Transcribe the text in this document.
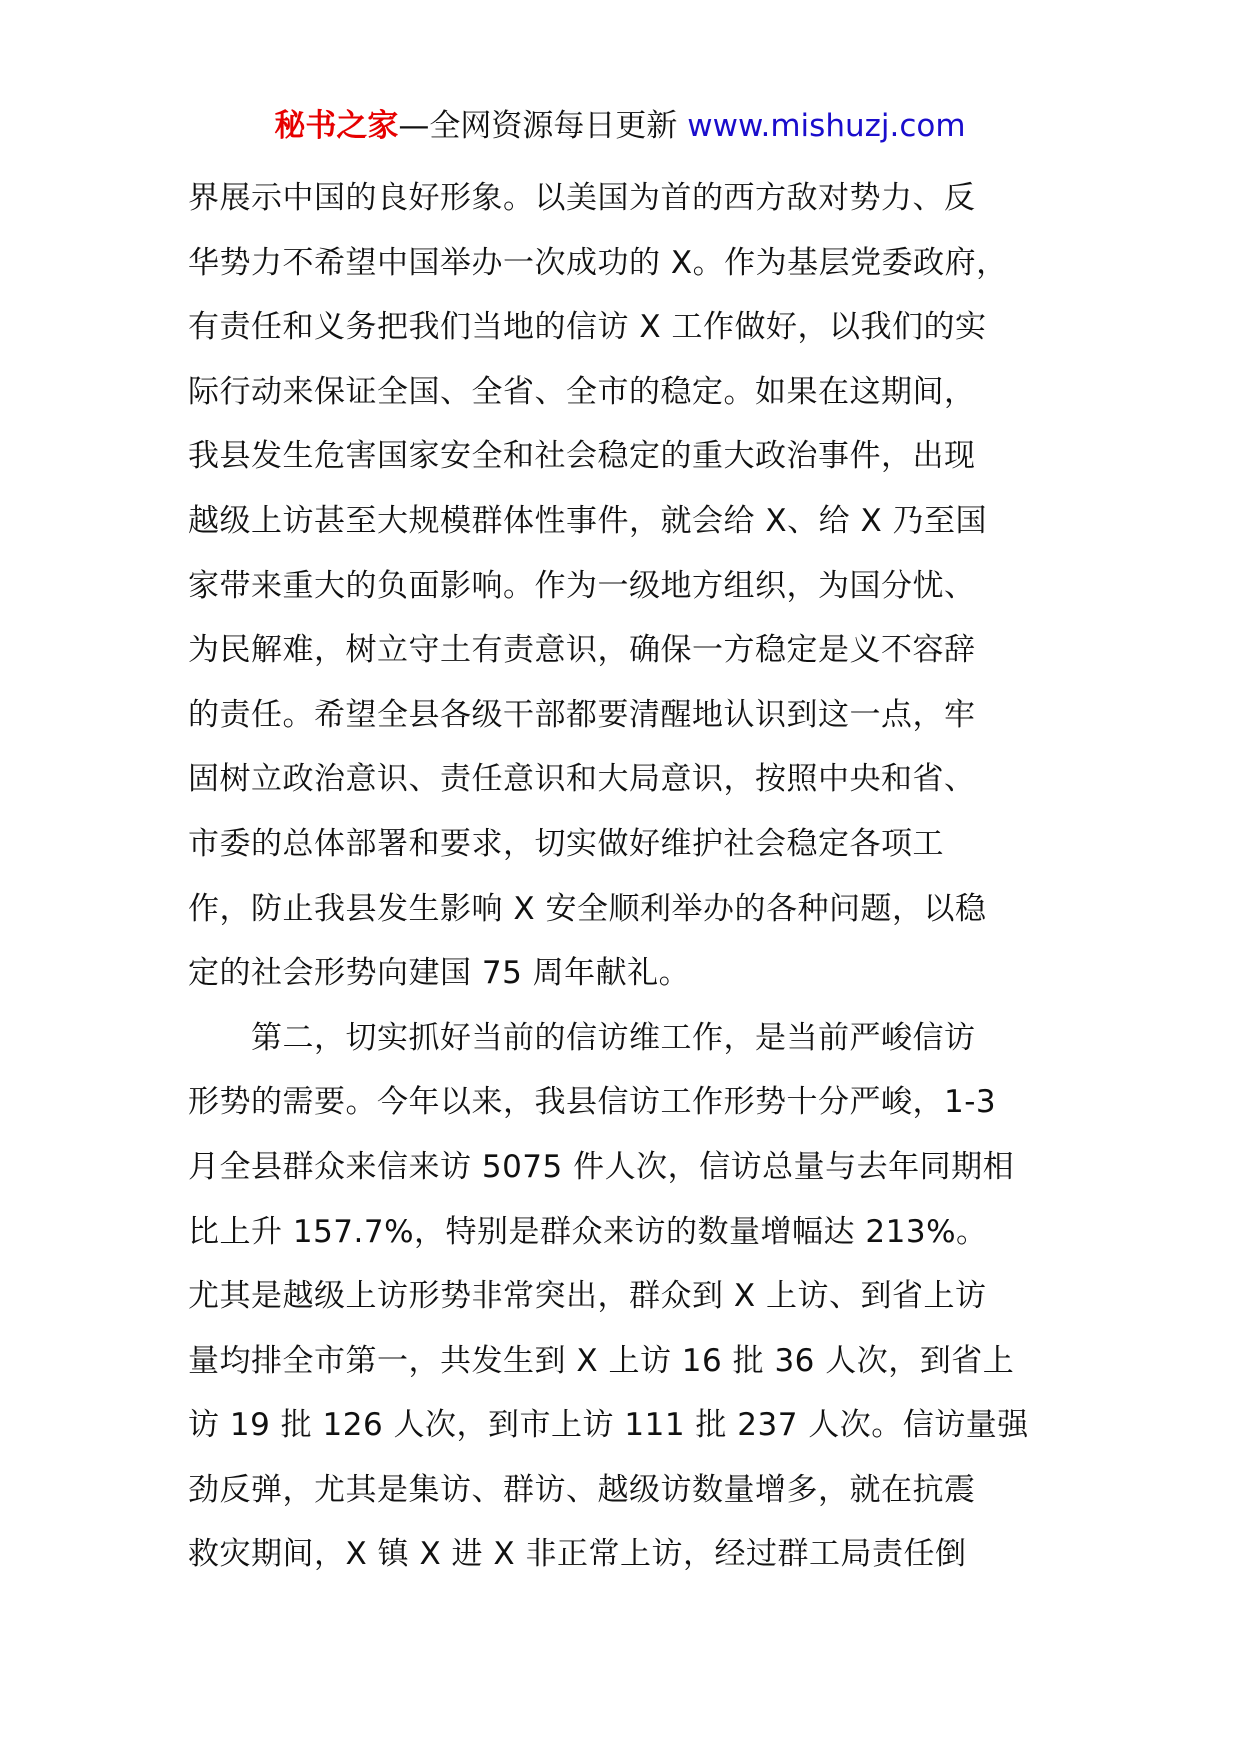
秘书之家—全网资源每日更新 www.mishuzj.com
界展示中国的良好形象。以美国为首的西方敌对势力、反
华势力不希望中国举办一次成功的 X。作为基层党委政府，
有责任和义务把我们当地的信访 X 工作做好，以我们的实
际行动来保证全国、全省、全市的稳定。如果在这期间，
我县发生危害国家安全和社会稳定的重大政治事件，出现
越级上访甚至大规模群体性事件，就会给 X、给 X 乃至国
家带来重大的负面影响。作为一级地方组织，为国分忧、
为民解难，树立守土有责意识，确保一方稳定是义不容辞
的责任。希望全县各级干部都要清醒地认识到这一点，牢
固树立政治意识、责任意识和大局意识，按照中央和省、
市委的总体部署和要求，切实做好维护社会稳定各项工
作，防止我县发生影响 X 安全顺利举办的各种问题，以稳
定的社会形势向建国 75 周年献礼。
　　第二，切实抓好当前的信访维工作，是当前严峻信访
形势的需要。今年以来，我县信访工作形势十分严峻，1-3
月全县群众来信来访 5075 件人次，信访总量与去年同期相
比上升 157.7%，特别是群众来访的数量增幅达 213%。
尤其是越级上访形势非常突出，群众到 X 上访、到省上访
量均排全市第一，共发生到 X 上访 16 批 36 人次，到省上
访 19 批 126 人次，到市上访 111 批 237 人次。信访量强
劲反弹，尤其是集访、群访、越级访数量增多，就在抗震
救灾期间，X 镇 X 进 X 非正常上访，经过群工局责任倒
